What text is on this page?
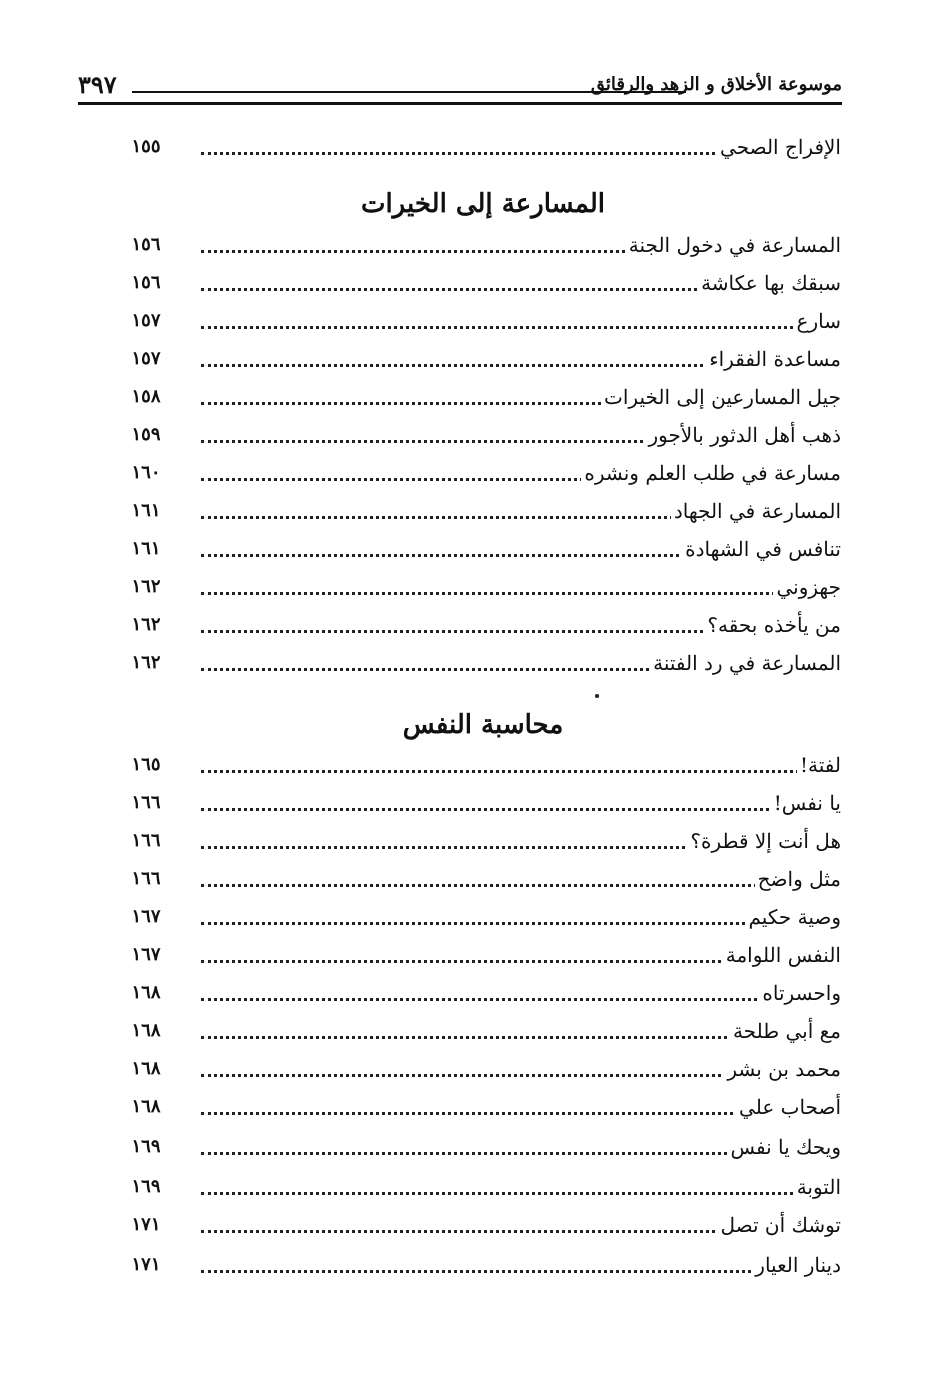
٣٩٧	موسوعة الأخلاق و الزهد والرقائق
الإفراج الصحي
١٥٥
المسارعة إلى الخيرات
المسارعة في دخول الجنة
١٥٦
سبقك بها عكاشة
١٥٦
سارع
١٥٧
مساعدة الفقراء
١٥٧
جيل المسارعين إلى الخيرات
١٥٨
ذهب أهل الدثور بالأجور
١٥٩
مسارعة في طلب العلم ونشره
١٦٠
المسارعة في الجهاد
١٦١
تنافس في الشهادة
١٦١
جهزوني
١٦٢
من يأخذه بحقه؟
١٦٢
المسارعة في رد الفتنة
١٦٢
محاسبة النفس
لفتة!
١٦٥
يا نفس!
١٦٦
هل أنت إلا قطرة؟
١٦٦
مثل واضح
١٦٦
وصية حكيم
١٦٧
النفس اللوامة
١٦٧
واحسرتاه
١٦٨
مع أبي طلحة
١٦٨
محمد بن بشر
١٦٨
أصحاب علي
١٦٨
ويحك يا نفس
١٦٩
التوبة
١٦٩
توشك أن تصل
١٧١
دينار العيار
١٧١
